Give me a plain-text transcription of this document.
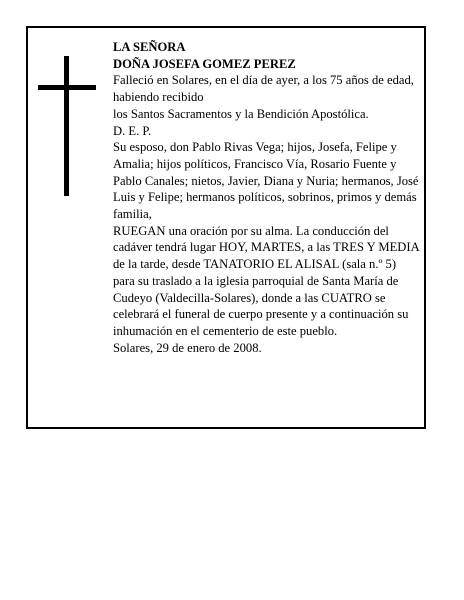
LA SEÑORA

DOÑA JOSEFA GOMEZ PEREZ

Falleció en Solares, en el día de ayer, a los 75 años de edad, habiendo recibido

los Santos Sacramentos y la Bendición Apostólica.

D. E. P.

Su esposo, don Pablo Rivas Vega; hijos, Josefa, Felipe y Amalia; hijos políticos, Francisco Vía, Rosario Fuente y Pablo Canales; nietos, Javier, Diana y Nuria; hermanos, José Luis y Felipe; hermanos políticos, sobrinos, primos y demás familia,

RUEGAN una oración por su alma. La conducción del cadáver tendrá lugar HOY, MARTES, a las TRES Y MEDIA de la tarde, desde TANATORIO EL ALISAL (sala n.º 5) para su traslado a la iglesia parroquial de Santa María de Cudeyo (Valdecilla-Solares), donde a las CUATRO se celebrará el funeral de cuerpo presente y a continuación su inhumación en el cementerio de este pueblo.

Solares, 29 de enero de 2008.
